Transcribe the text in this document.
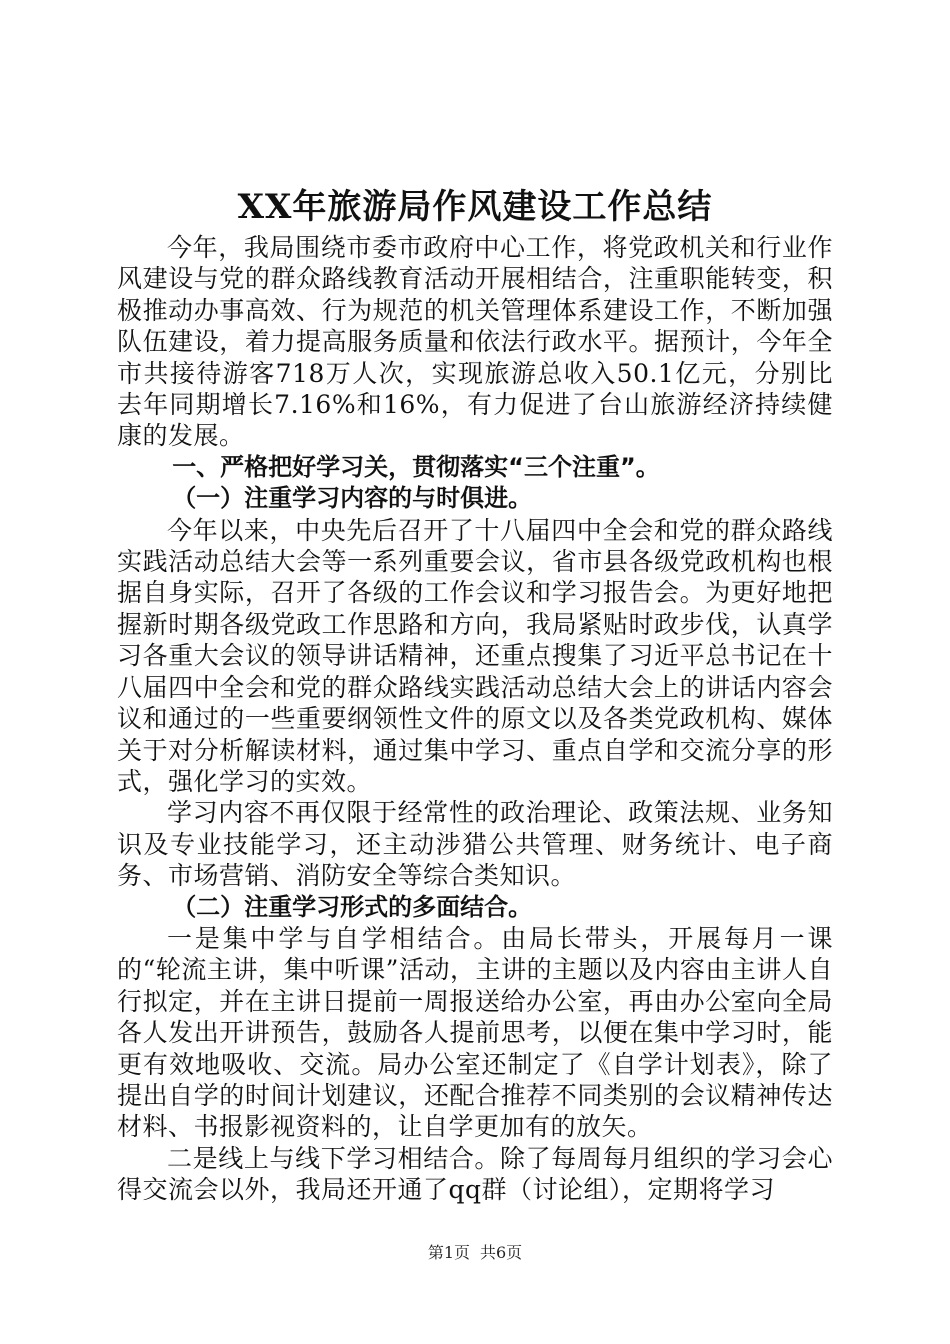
XX年旅游局作风建设工作总结

今年，我局围绕市委市政府中心工作，将党政机关和行业作风建设与党的群众路线教育活动开展相结合，注重职能转变，积极推动办事高效、行为规范的机关管理体系建设工作，不断加强队伍建设，着力提高服务质量和依法行政水平。据预计，今年全市共接待游客718万人次，实现旅游总收入50.1亿元，分别比去年同期增长7.16%和16%，有力促进了台山旅游经济持续健康的发展。

一、严格把好学习关，贯彻落实“三个注重”。

（一）注重学习内容的与时俱进。

今年以来，中央先后召开了十八届四中全会和党的群众路线实践活动总结大会等一系列重要会议，省市县各级党政机构也根据自身实际，召开了各级的工作会议和学习报告会。为更好地把握新时期各级党政工作思路和方向，我局紧贴时政步伐，认真学习各重大会议的领导讲话精神，还重点搜集了习近平总书记在十八届四中全会和党的群众路线实践活动总结大会上的讲话内容会议和通过的一些重要纲领性文件的原文以及各类党政机构、媒体关于对分析解读材料，通过集中学习、重点自学和交流分享的形式，强化学习的实效。

学习内容不再仅限于经常性的政治理论、政策法规、业务知识及专业技能学习，还主动涉猎公共管理、财务统计、电子商务、市场营销、消防安全等综合类知识。

（二）注重学习形式的多面结合。

一是集中学与自学相结合。由局长带头，开展每月一课的“轮流主讲，集中听课”活动，主讲的主题以及内容由主讲人自行拟定，并在主讲日提前一周报送给办公室，再由办公室向全局各人发出开讲预告，鼓励各人提前思考，以便在集中学习时，能更有效地吸收、交流。局办公室还制定了《自学计划表》，除了提出自学的时间计划建议，还配合推荐不同类别的会议精神传达材料、书报影视资料的，让自学更加有的放矢。

二是线上与线下学习相结合。除了每周每月组织的学习会心得交流会以外，我局还开通了qq群（讨论组），定期将学习

第1页 共6页
